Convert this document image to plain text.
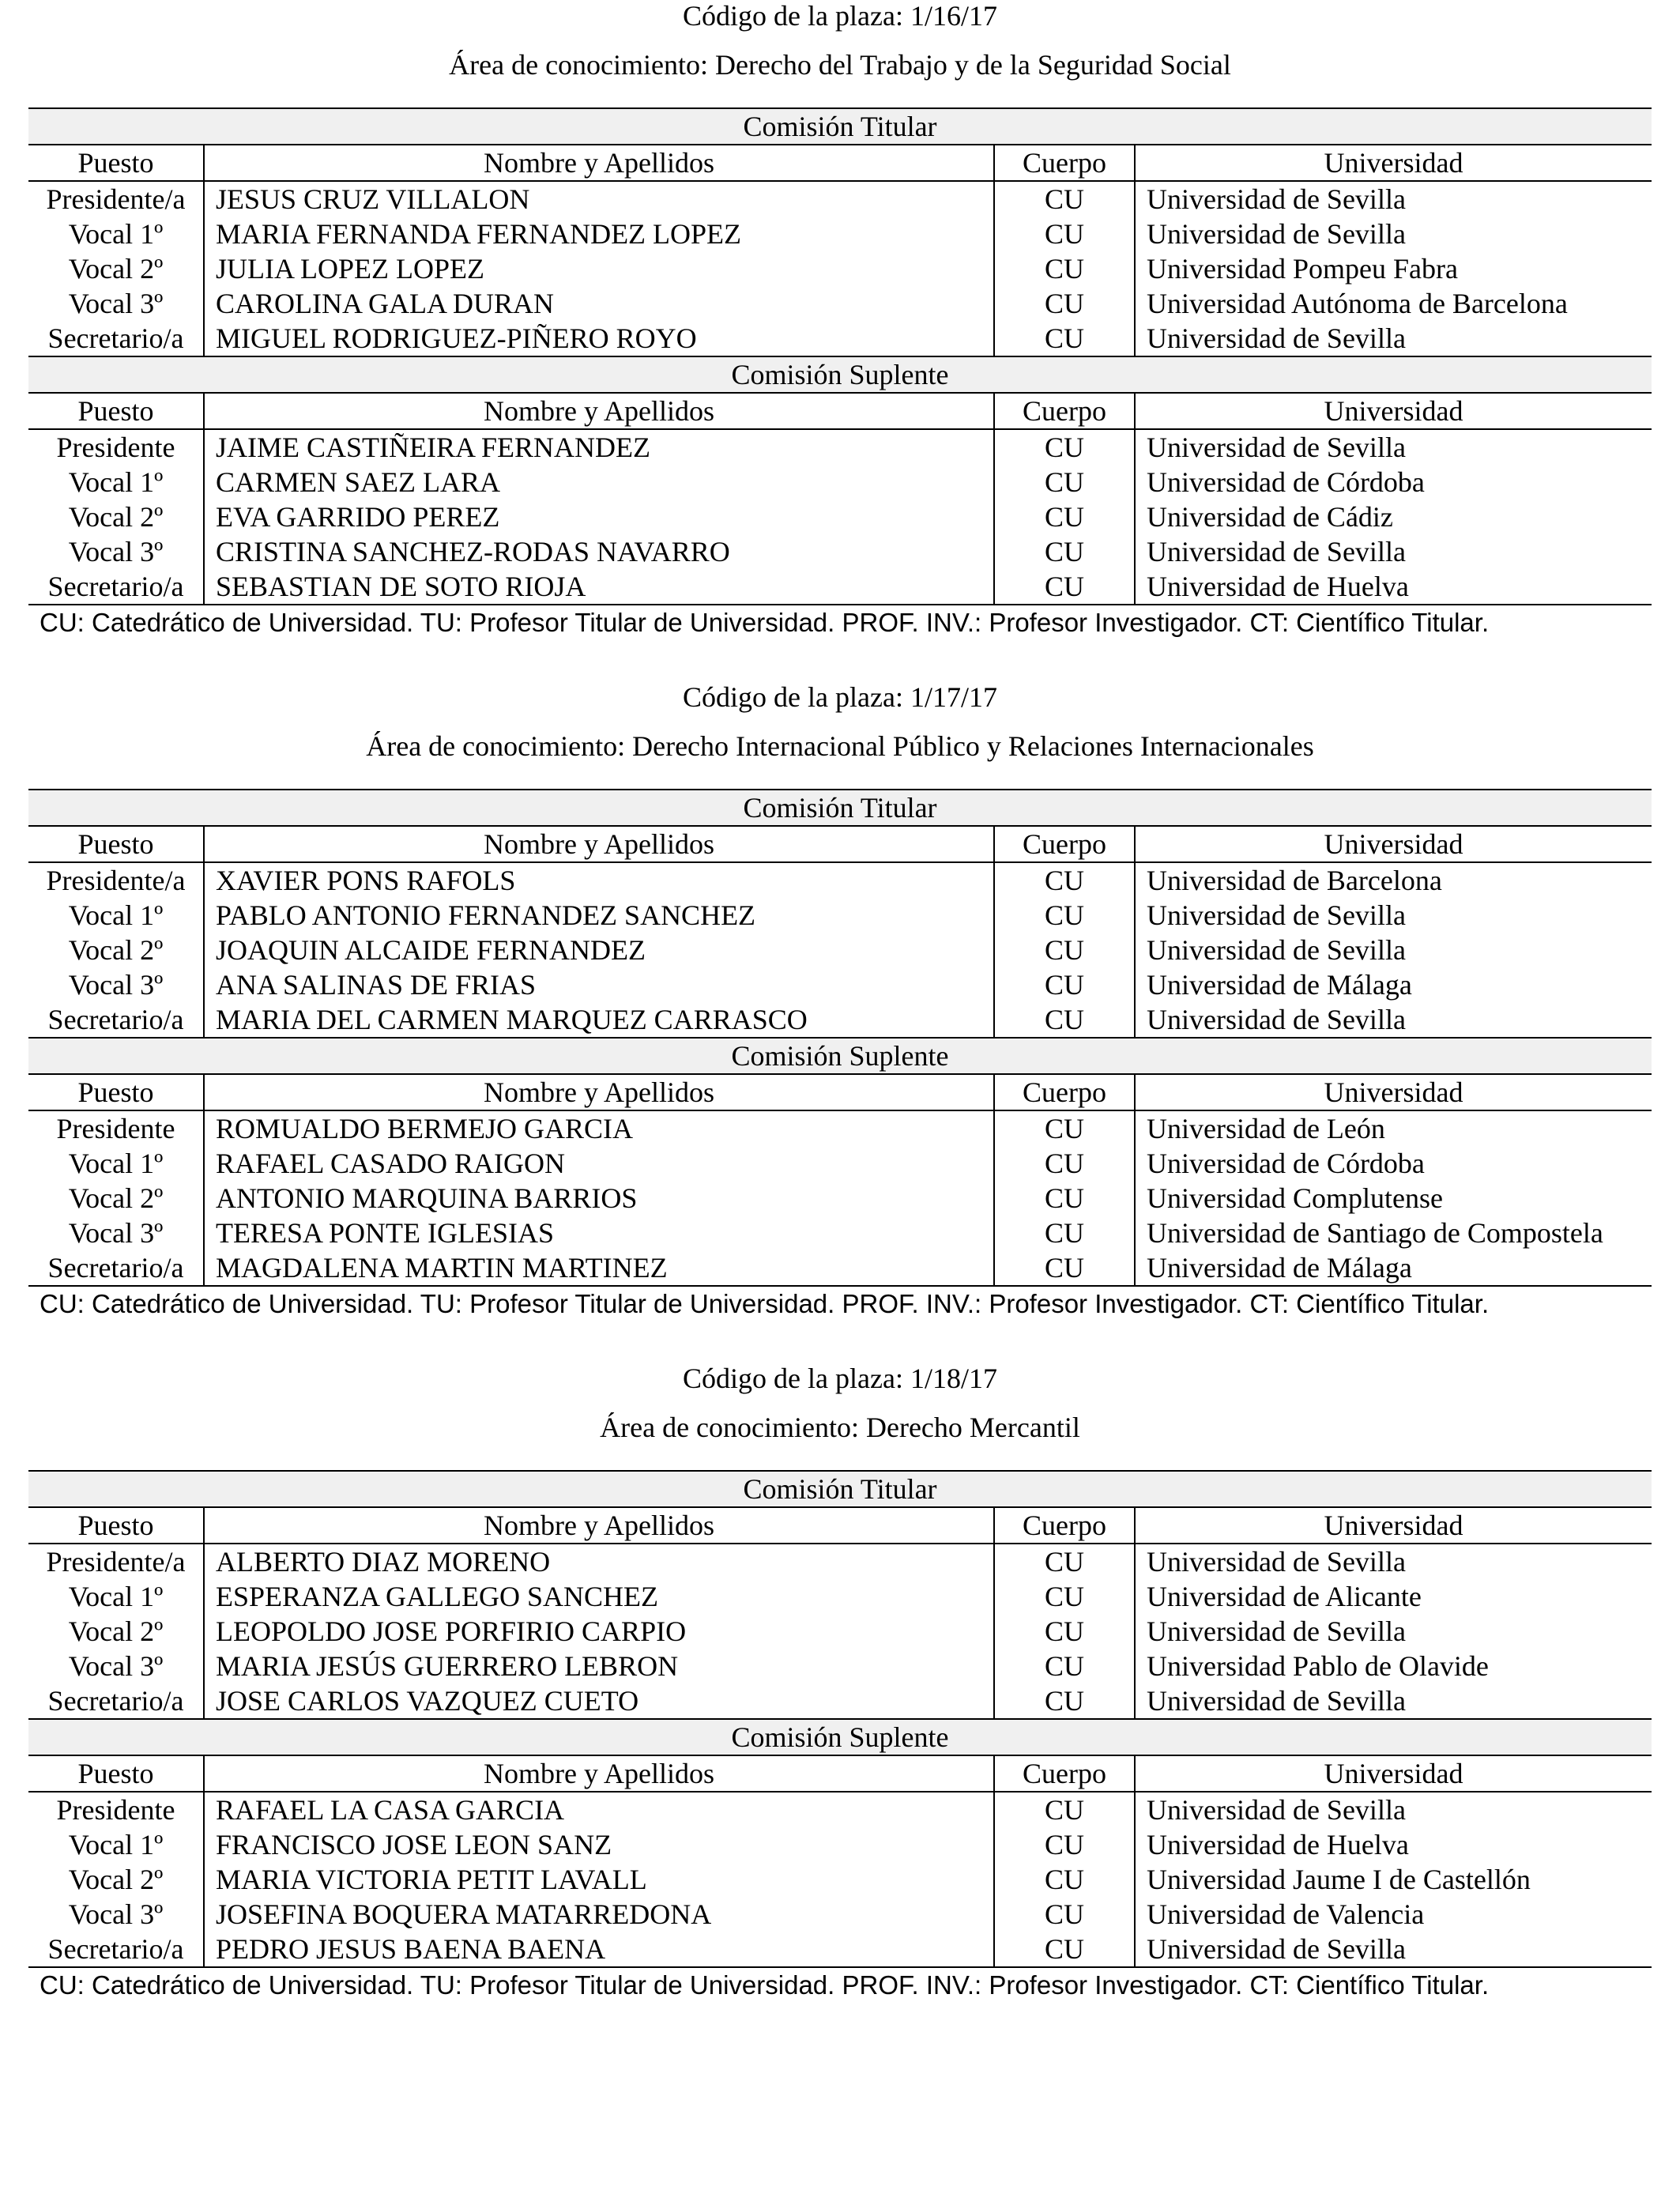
Código de la plaza: 1/16/17

Área de conocimiento: Derecho del Trabajo y de la Seguridad Social

Comisión Titular			
Puesto	Nombre y Apellidos	Cuerpo	Universidad
Presidente/a	JESUS CRUZ VILLALON	CU	Universidad de Sevilla
Vocal 1º	MARIA FERNANDA FERNANDEZ LOPEZ	CU	Universidad de Sevilla
Vocal 2º	JULIA LOPEZ LOPEZ	CU	Universidad Pompeu Fabra
Vocal 3º	CAROLINA GALA DURAN	CU	Universidad Autónoma de Barcelona
Secretario/a	MIGUEL RODRIGUEZ-PIÑERO ROYO	CU	Universidad de Sevilla
Comisión Suplente			
Puesto	Nombre y Apellidos	Cuerpo	Universidad
Presidente	JAIME CASTIÑEIRA FERNANDEZ	CU	Universidad de Sevilla
Vocal 1º	CARMEN SAEZ LARA	CU	Universidad de Córdoba
Vocal 2º	EVA GARRIDO PEREZ	CU	Universidad de Cádiz
Vocal 3º	CRISTINA SANCHEZ-RODAS NAVARRO	CU	Universidad de Sevilla
Secretario/a	SEBASTIAN DE SOTO RIOJA	CU	Universidad de Huelva

CU: Catedrático de Universidad. TU: Profesor Titular de Universidad. PROF. INV.: Profesor Investigador. CT: Científico Titular.

Código de la plaza: 1/17/17

Área de conocimiento: Derecho Internacional Público y Relaciones Internacionales

Comisión Titular			
Puesto	Nombre y Apellidos	Cuerpo	Universidad
Presidente/a	XAVIER PONS RAFOLS	CU	Universidad de Barcelona
Vocal 1º	PABLO ANTONIO FERNANDEZ SANCHEZ	CU	Universidad de Sevilla
Vocal 2º	JOAQUIN ALCAIDE FERNANDEZ	CU	Universidad de Sevilla
Vocal 3º	ANA SALINAS DE FRIAS	CU	Universidad de Málaga
Secretario/a	MARIA DEL CARMEN MARQUEZ CARRASCO	CU	Universidad de Sevilla
Comisión Suplente			
Puesto	Nombre y Apellidos	Cuerpo	Universidad
Presidente	ROMUALDO BERMEJO GARCIA	CU	Universidad de León
Vocal 1º	RAFAEL CASADO RAIGON	CU	Universidad de Córdoba
Vocal 2º	ANTONIO MARQUINA BARRIOS	CU	Universidad Complutense
Vocal 3º	TERESA PONTE IGLESIAS	CU	Universidad de Santiago de Compostela
Secretario/a	MAGDALENA MARTIN MARTINEZ	CU	Universidad de Málaga

CU: Catedrático de Universidad. TU: Profesor Titular de Universidad. PROF. INV.: Profesor Investigador. CT: Científico Titular.

Código de la plaza: 1/18/17

Área de conocimiento: Derecho Mercantil

Comisión Titular			
Puesto	Nombre y Apellidos	Cuerpo	Universidad
Presidente/a	ALBERTO DIAZ MORENO	CU	Universidad de Sevilla
Vocal 1º	ESPERANZA GALLEGO SANCHEZ	CU	Universidad de Alicante
Vocal 2º	LEOPOLDO JOSE PORFIRIO CARPIO	CU	Universidad de Sevilla
Vocal 3º	MARIA JESÚS GUERRERO LEBRON	CU	Universidad Pablo de Olavide
Secretario/a	JOSE CARLOS VAZQUEZ CUETO	CU	Universidad de Sevilla
Comisión Suplente			
Puesto	Nombre y Apellidos	Cuerpo	Universidad
Presidente	RAFAEL LA CASA GARCIA	CU	Universidad de Sevilla
Vocal 1º	FRANCISCO JOSE LEON SANZ	CU	Universidad de Huelva
Vocal 2º	MARIA VICTORIA PETIT LAVALL	CU	Universidad Jaume I de Castellón
Vocal 3º	JOSEFINA BOQUERA MATARREDONA	CU	Universidad de Valencia
Secretario/a	PEDRO JESUS BAENA BAENA	CU	Universidad de Sevilla

CU: Catedrático de Universidad. TU: Profesor Titular de Universidad. PROF. INV.: Profesor Investigador. CT: Científico Titular.
